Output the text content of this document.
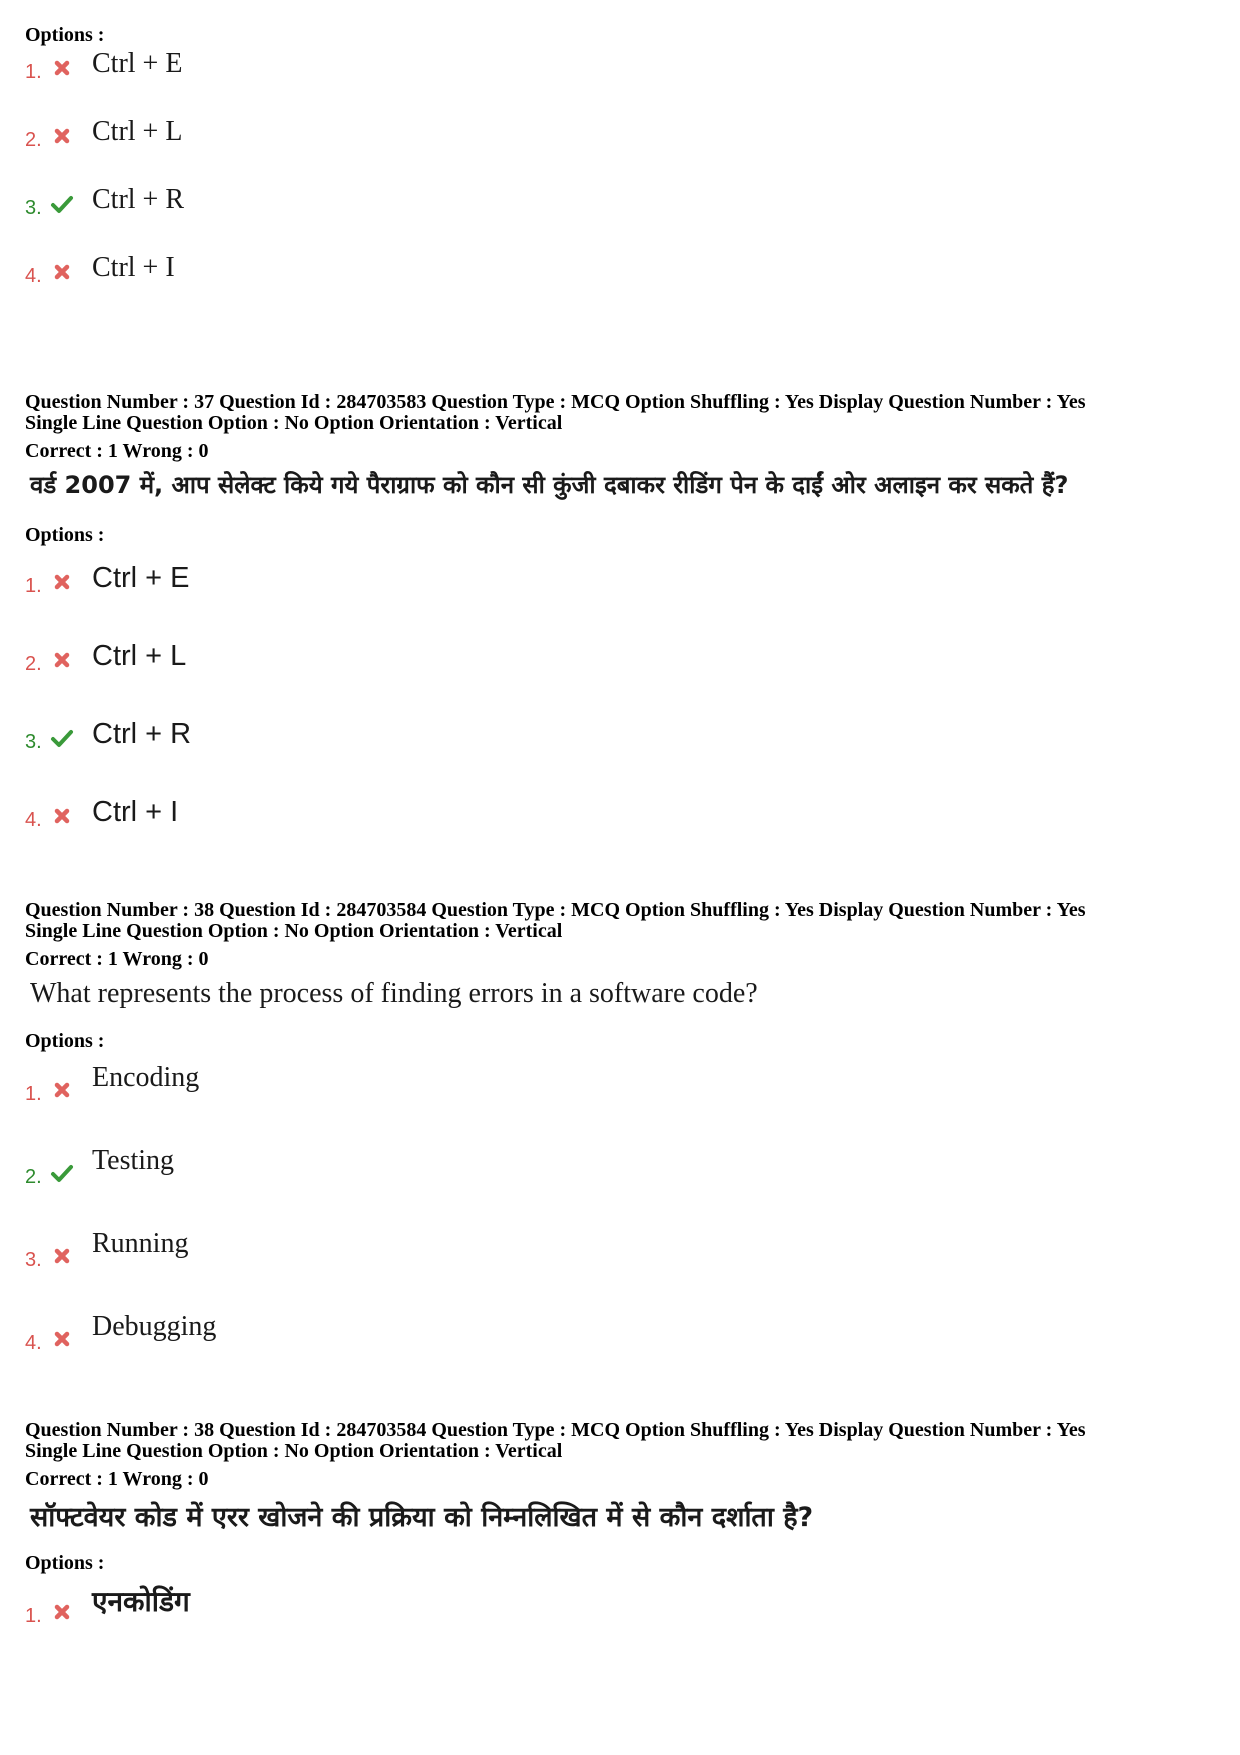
Options :
1. Ctrl + E
2. Ctrl + L
3. Ctrl + R
4. Ctrl + I
Question Number : 37 Question Id : 284703583 Question Type : MCQ Option Shuffling : Yes Display Question Number : Yes
Single Line Question Option : No Option Orientation : Vertical
Correct : 1 Wrong : 0
वर्ड 2007 में, आप सेलेक्ट किये गये पैराग्राफ को कौन सी कुंजी दबाकर रीडिंग पेन के दाईं ओर अलाइन कर सकते हैं?
Options :
1. Ctrl + E
2. Ctrl + L
3. Ctrl + R
4. Ctrl + I
Question Number : 38 Question Id : 284703584 Question Type : MCQ Option Shuffling : Yes Display Question Number : Yes
Single Line Question Option : No Option Orientation : Vertical
Correct : 1 Wrong : 0
What represents the process of finding errors in a software code?
Options :
1.
Encoding
2.
Testing
3.
Running
4.
Debugging
Question Number : 38 Question Id : 284703584 Question Type : MCQ Option Shuffling : Yes Display Question Number : Yes
Single Line Question Option : No Option Orientation : Vertical
Correct : 1 Wrong : 0
सॉफ्टवेयर कोड में एरर खोजने की प्रक्रिया को निम्नलिखित में से कौन दर्शाता है?
Options :
1. एनकोडिंग
